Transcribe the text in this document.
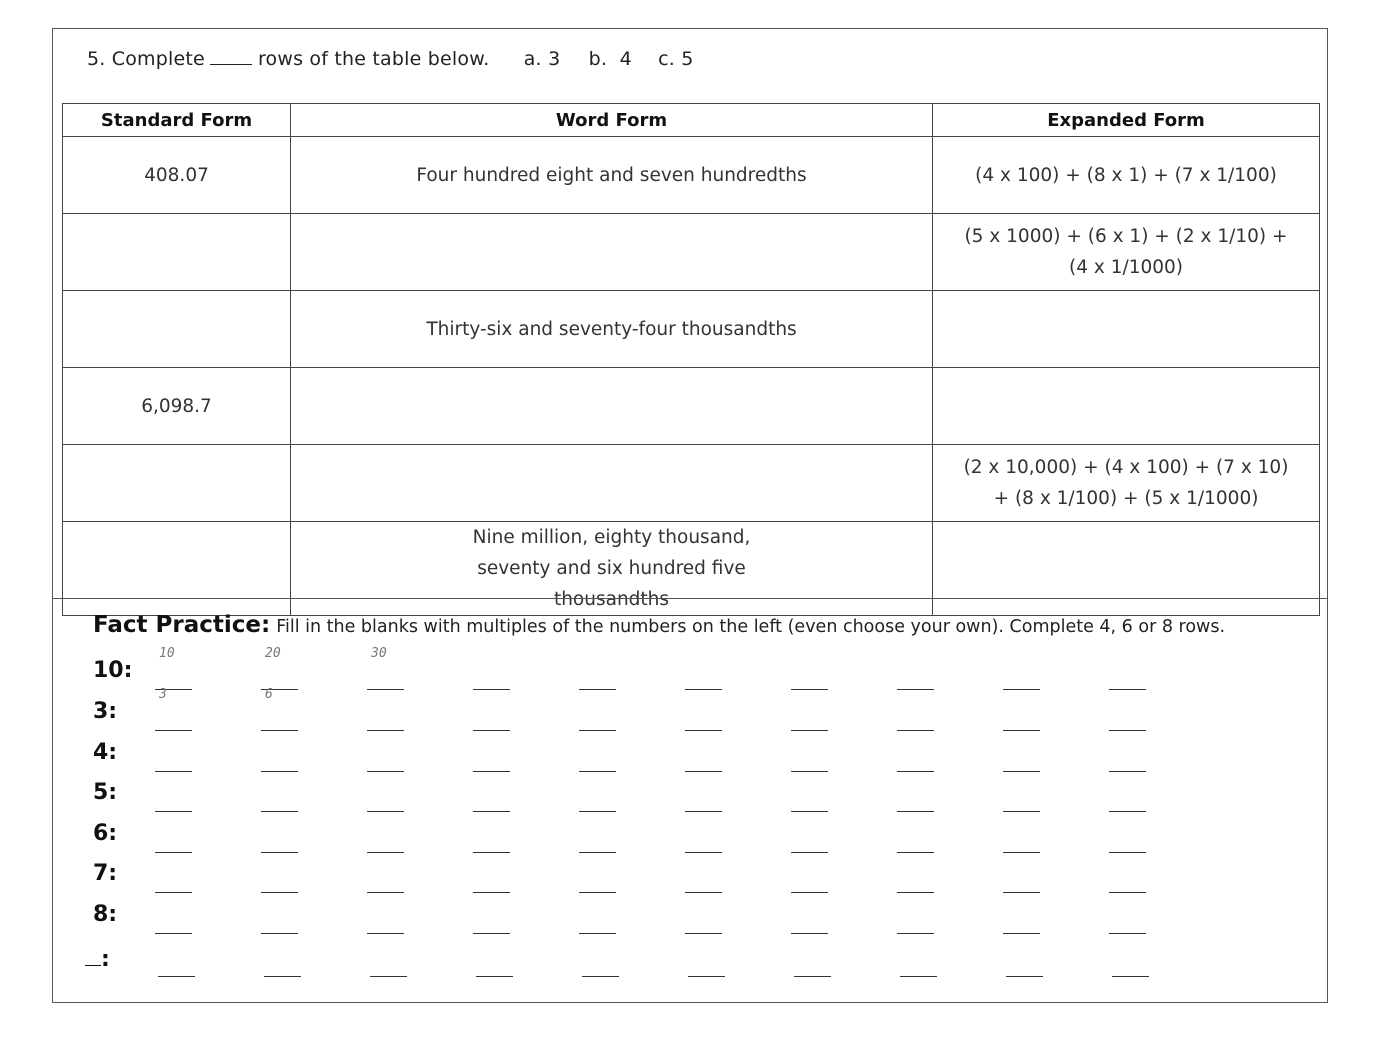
5. Complete	rows of the table below. a. 3 b. 4 c. 5
Standard Form	Word Form	Expanded Form
408.07	Four hundred eight and seven hundredths	(4 x 100) + (8 x 1) + (7 x 1/100)
		(5 x 1000) + (6 x 1) + (2 x 1/10) + (4 x 1/1000)
	Thirty-six and seventy-four thousandths	
6,098.7		
		(2 x 10,000) + (4 x 100) + (7 x 10) + (8 x 1/100) + (5 x 1/1000)
	Nine million, eighty thousand, seventy and six hundred five thousandths	
Fact Practice: Fill in the blanks with multiples of the numbers on the left (even choose your own). Complete 4, 6 or 8 rows.
10:
10	20	30
3:
3	6
4:
5:
6:
7:
8:
:
